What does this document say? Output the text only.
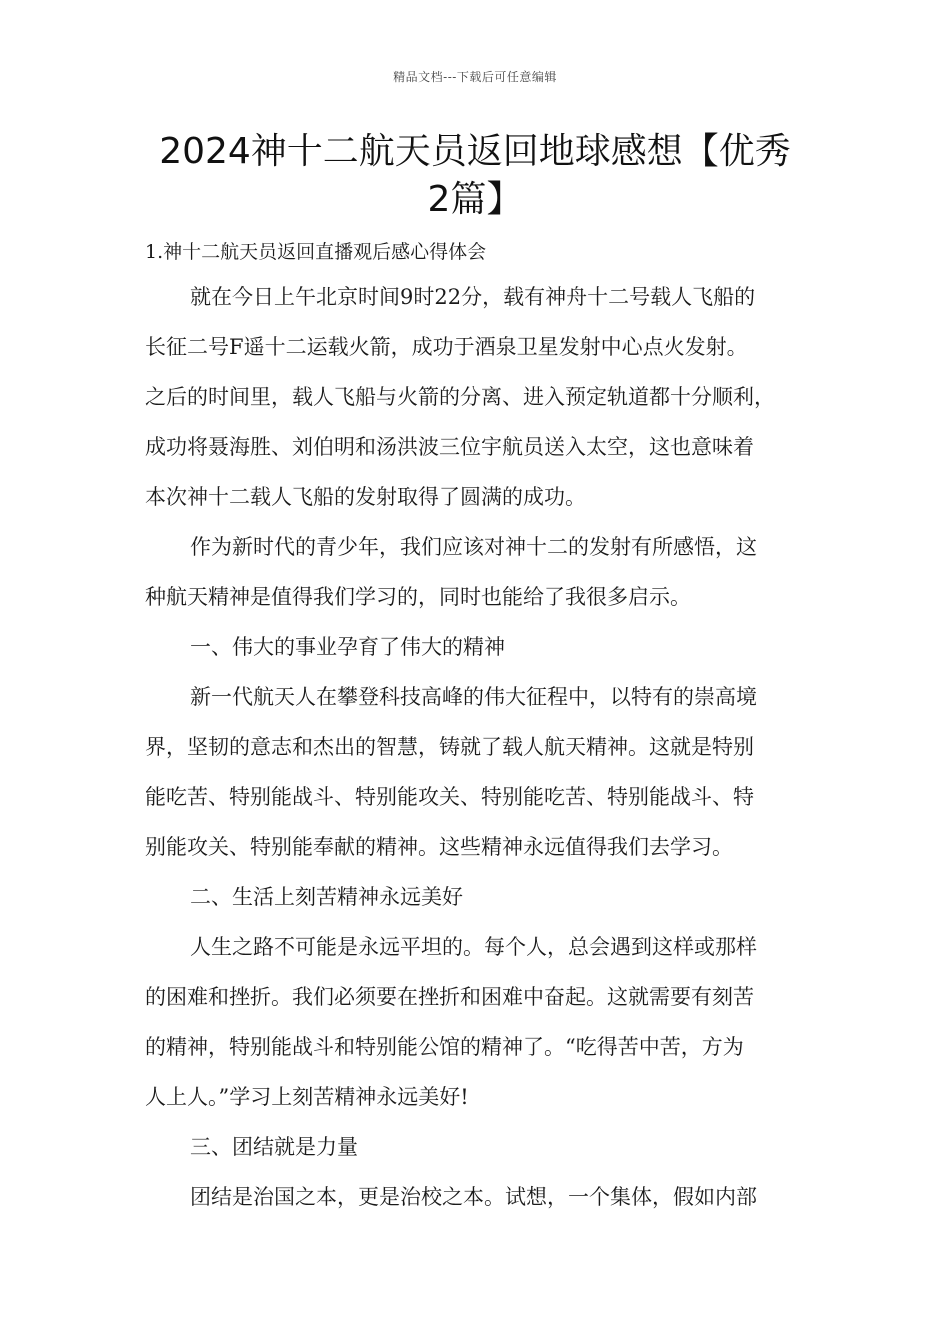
精品文档---下载后可任意编辑
2024神十二航天员返回地球感想【优秀
2篇】

1.神十二航天员返回直播观后感心得体会

就在今日上午北京时间9时22分，载有神舟十二号载人飞船的

长征二号F遥十二运载火箭，成功于酒泉卫星发射中心点火发射。

之后的时间里，载人飞船与火箭的分离、进入预定轨道都十分顺利，

成功将聂海胜、刘伯明和汤洪波三位宇航员送入太空，这也意味着

本次神十二载人飞船的发射取得了圆满的成功。

作为新时代的青少年，我们应该对神十二的发射有所感悟，这

种航天精神是值得我们学习的，同时也能给了我很多启示。

一、伟大的事业孕育了伟大的精神

新一代航天人在攀登科技高峰的伟大征程中，以特有的崇高境

界，坚韧的意志和杰出的智慧，铸就了载人航天精神。这就是特别

能吃苦、特别能战斗、特别能攻关、特别能吃苦、特别能战斗、特

别能攻关、特别能奉献的精神。这些精神永远值得我们去学习。

二、生活上刻苦精神永远美好

人生之路不可能是永远平坦的。每个人，总会遇到这样或那样

的困难和挫折。我们必须要在挫折和困难中奋起。这就需要有刻苦

的精神，特别能战斗和特别能公馆的精神了。“吃得苦中苦，方为

人上人。”学习上刻苦精神永远美好!

三、团结就是力量

团结是治国之本，更是治校之本。试想，一个集体，假如内部
